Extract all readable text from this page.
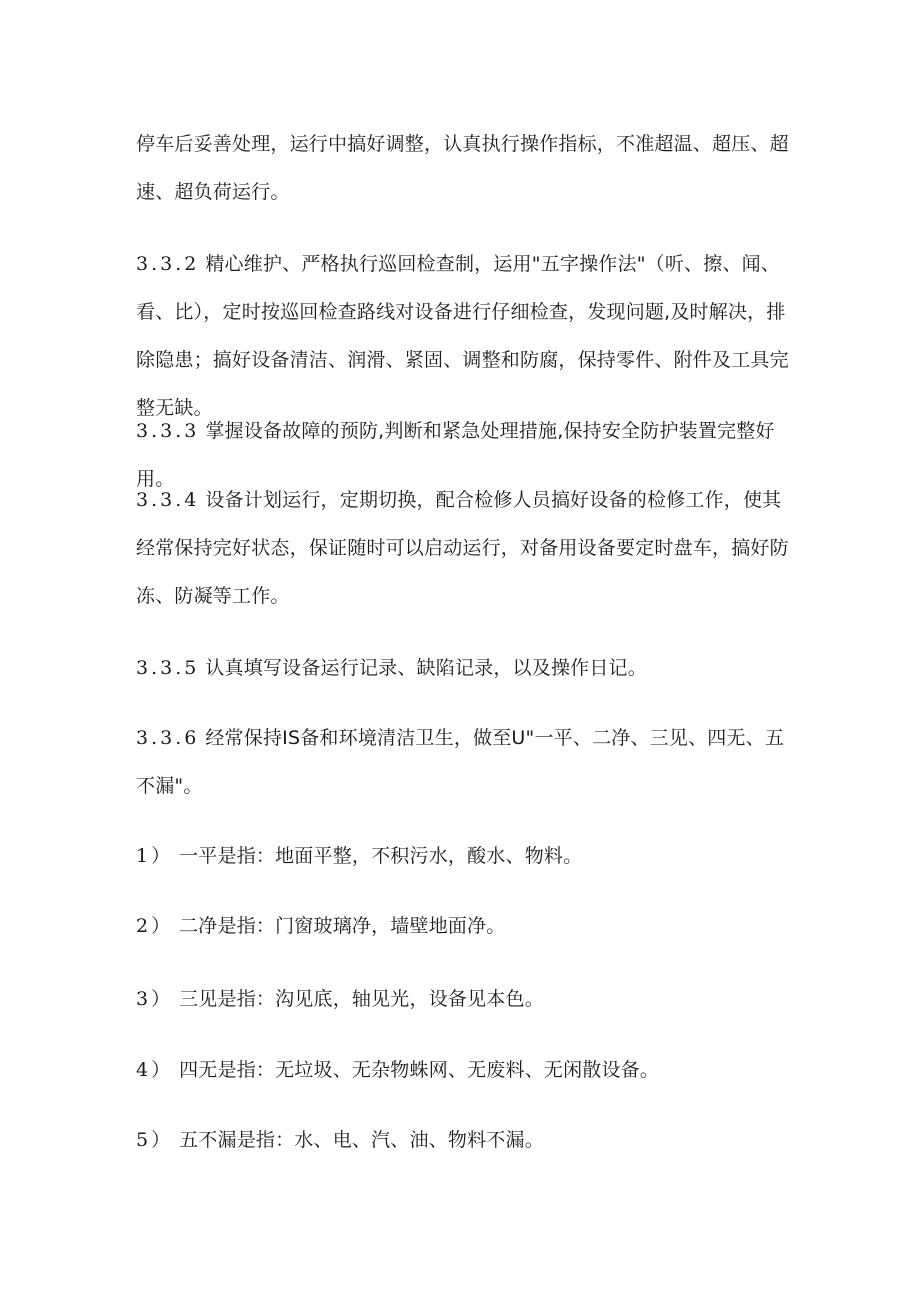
停车后妥善处理，运行中搞好调整，认真执行操作指标，不准超温、超压、超速、超负荷运行。

3.3.2 精心维护、严格执行巡回检查制，运用"五字操作法"（听、擦、闻、看、比），定时按巡回检查路线对设备进行仔细检查，发现问题,及时解决，排除隐患；搞好设备清洁、润滑、紧固、调整和防腐，保持零件、附件及工具完整无缺。

3.3.3 掌握设备故障的预防,判断和紧急处理措施,保持安全防护装置完整好用。

3.3.4 设备计划运行，定期切换，配合检修人员搞好设备的检修工作，使其经常保持完好状态，保证随时可以启动运行，对备用设备要定时盘车，搞好防冻、防凝等工作。

3.3.5 认真填写设备运行记录、缺陷记录，以及操作日记。

3.3.6 经常保持IS备和环境清洁卫生，做至U"一平、二净、三见、四无、五不漏"。

1） 一平是指：地面平整，不积污水，酸水、物料。

2） 二净是指：门窗玻璃净，墙壁地面净。

3） 三见是指：沟见底，轴见光，设备见本色。

4） 四无是指：无垃圾、无杂物蛛网、无废料、无闲散设备。

5） 五不漏是指：水、电、汽、油、物料不漏。
